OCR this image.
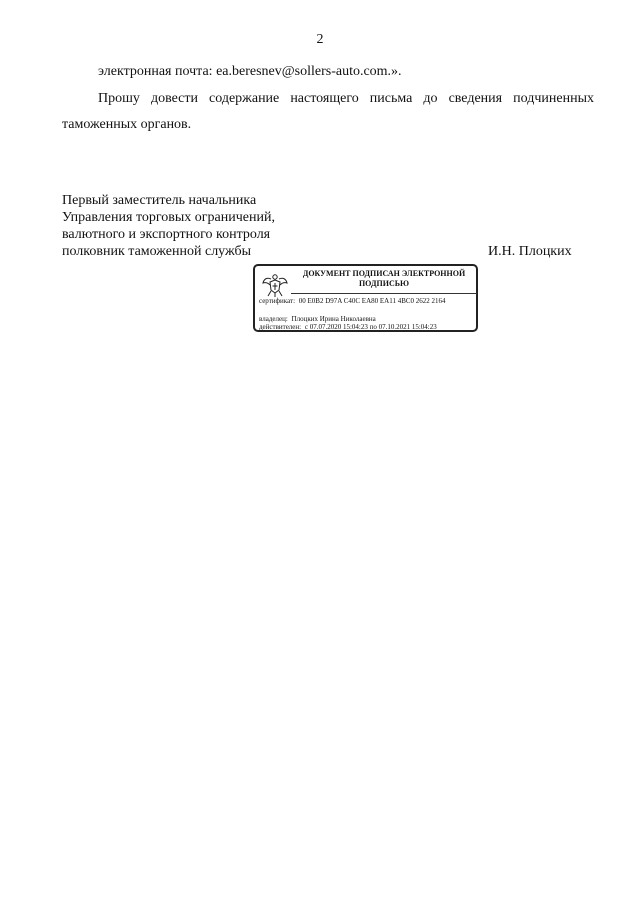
2
электронная почта: ea.beresnev@sollers-auto.com.».
Прошу довести содержание настоящего письма до сведения подчиненных
таможенных органов.
Первый заместитель начальника
Управления торговых ограничений,
валютного и экспортного контроля
полковник таможенной службы	И.Н. Плоцких
ДОКУМЕНТ ПОДПИСАН ЭЛЕКТРОННОЙ ПОДПИСЬЮ
сертификат: 00 E0B2 D97A C40C EA80 EA11 4BC0 2622 2164
владелец: Плоцких Ирина Николаевна
действителен: с 07.07.2020 15:04:23 по 07.10.2021 15:04:23
